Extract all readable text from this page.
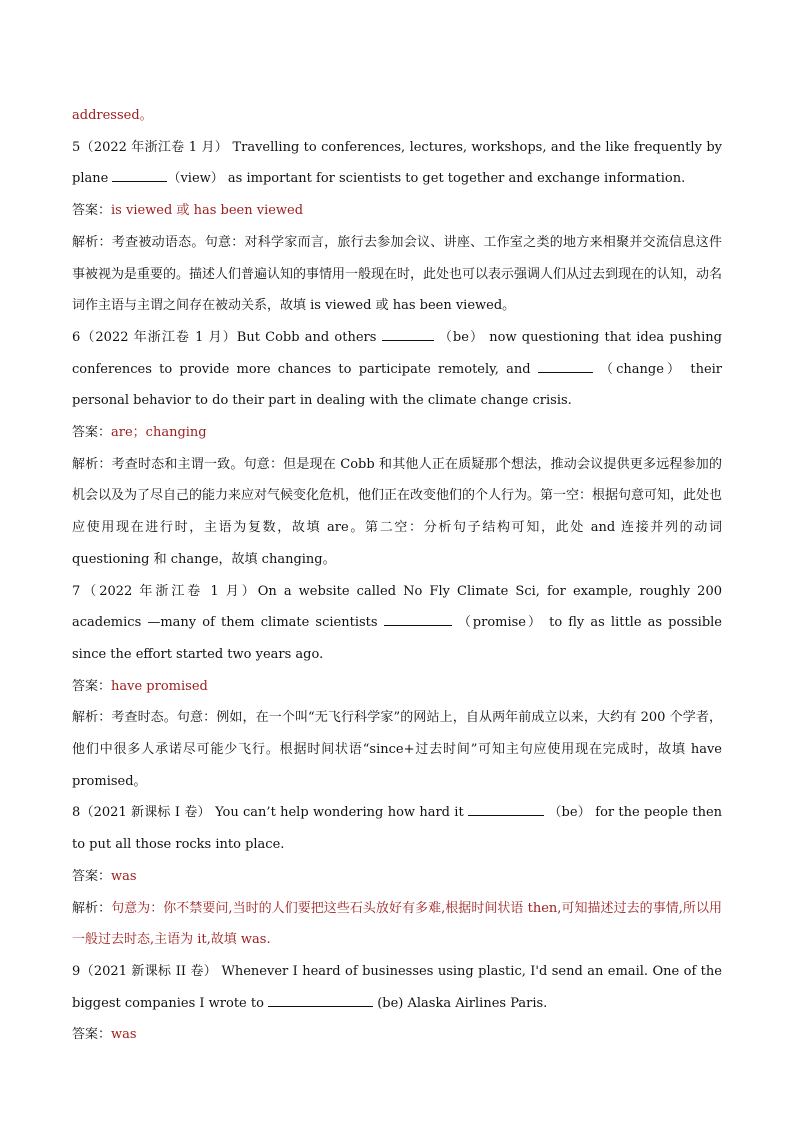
addressed。

5（2022 年浙江卷 1 月） Travelling to conferences, lectures, workshops, and the like frequently by plane	（view） as important for scientists to get together and exchange information.

答案：is viewed 或 has been viewed

解析：考查被动语态。句意：对科学家而言，旅行去参加会议、讲座、工作室之类的地方来相聚并交流信息这件事被视为是重要的。描述人们普遍认知的事情用一般现在时，此处也可以表示强调人们从过去到现在的认知，动名词作主语与主谓之间存在被动关系，故填 is viewed 或 has been viewed。

6（2022 年浙江卷 1 月）But Cobb and others	（be） now questioning that idea pushing conferences to provide more chances to participate remotely, and	（change） their personal behavior to do their part in dealing with the climate change crisis.

答案：are；changing

解析：考查时态和主谓一致。句意：但是现在 Cobb 和其他人正在质疑那个想法，推动会议提供更多远程参加的机会以及为了尽自己的能力来应对气候变化危机，他们正在改变他们的个人行为。第一空：根据句意可知，此处也应使用现在进行时，主语为复数，故填 are。第二空：分析句子结构可知，此处 and 连接并列的动词 questioning 和 change，故填 changing。

7（2022 年浙江卷 1 月）On a website called No Fly Climate Sci, for example, roughly 200 academics —many of them climate scientists	（promise） to fly as little as possible since the effort started two years ago.

答案：have promised

解析：考查时态。句意：例如，在一个叫“无飞行科学家”的网站上，自从两年前成立以来，大约有 200 个学者，他们中很多人承诺尽可能少飞行。根据时间状语“since+过去时间”可知主句应使用现在完成时，故填 have promised。

8（2021 新课标 I 卷） You can’t help wondering how hard it	（be） for the people then to put all those rocks into place.

答案：was

解析：句意为：你不禁要问,当时的人们要把这些石头放好有多难,根据时间状语 then,可知描述过去的事情,所以用一般过去时态,主语为 it,故填 was.

9（2021 新课标 II 卷） Whenever I heard of businesses using plastic, I'd send an email. One of the biggest companies I wrote to	(be) Alaska Airlines Paris.

答案：was
